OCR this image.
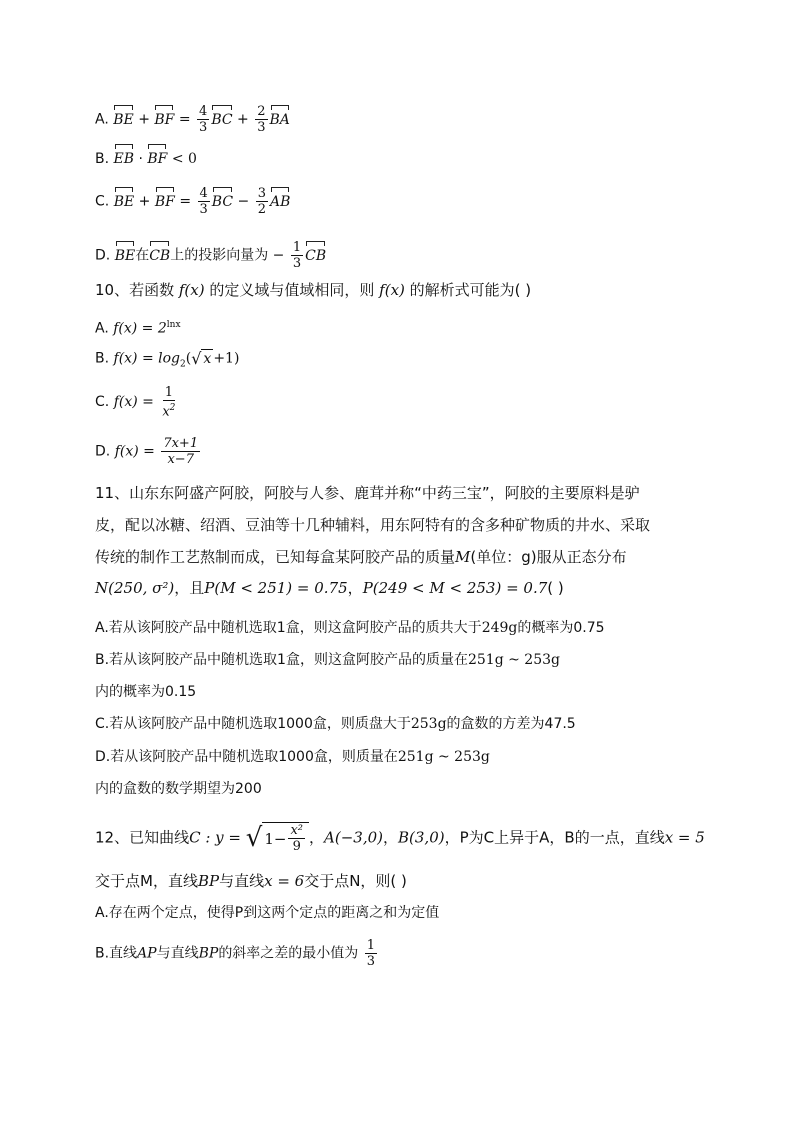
A. BE + BF = $\frac{4}{3}$ BC + $\frac{2}{3}$ BA
B. EB · BF < 0
C. BE + BF = $\frac{4}{3}$ BC − $\frac{3}{2}$ AB
D. BE在CB上的投影向量为 − $\frac{1}{3}$ CB
10、若函数 f(x) 的定义域与值域相同，则 f(x) 的解析式可能为( )
A. $f(x) = 2^{lnx}$
B. $f(x) = \log_2$( √ x +1)
C. $f(x) = \frac{1}{x^2}$
D. $f(x) = \frac{7x+1}{x-7}$
11、山东东阿盛产阿胶，阿胶与人参、鹿茸并称“中药三宝”，阿胶的主要原料是驴
皮，配以冰糖、绍酒、豆油等十几种辅料，用东阿特有的含多种矿物质的井水、采取
传统的制作工艺熬制而成，已知每盒某阿胶产品的质量M(单位：g)服从正态分布
N(250, σ²)，且P(M < 251) = 0.75，P(249 < M < 253) = 0.7( )
A.若从该阿胶产品中随机选取1盒，则这盒阿胶产品的质共大于249g的概率为0.75
B.若从该阿胶产品中随机选取1盒，则这盒阿胶产品的质量在251g ~ 253g
内的概率为0.15
C.若从该阿胶产品中随机选取1000盒，则质盘大于253g的盒数的方差为47.5
D.若从该阿胶产品中随机选取1000盒，则质量在251g ~ 253g
内的盒数的数学期望为200
12、已知曲线C : y = √ $1- \frac{\text{x²}}{9}$ ，A(−3,0)，B(3,0)，P为C上异于A，B的一点，直线x = 5
交于点M，直线BP与直线x = 6交于点N，则( )
A.存在两个定点，使得P到这两个定点的距离之和为定值
B.直线AP与直线BP的斜率之差的最小值为 $\frac{1}{3}$
